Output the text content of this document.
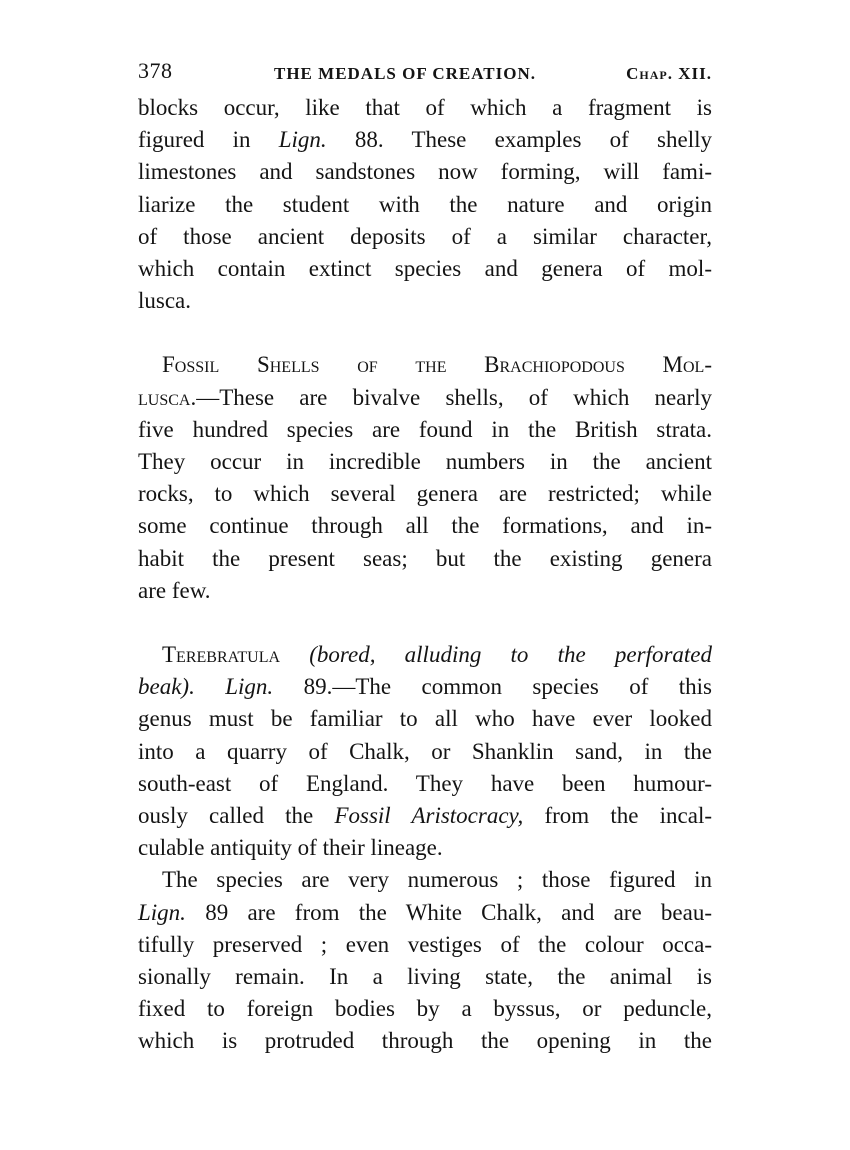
378	THE MEDALS OF CREATION.	Chap. XII.

blocks occur, like that of which a fragment is
figured in Lign. 88. These examples of shelly
limestones and sandstones now forming, will fami-
liarize the student with the nature and origin
of those ancient deposits of a similar character,
which contain extinct species and genera of mol-
lusca.

Fossil Shells of the Brachiopodous Mol-
lusca.—These are bivalve shells, of which nearly
five hundred species are found in the British strata.
They occur in incredible numbers in the ancient
rocks, to which several genera are restricted; while
some continue through all the formations, and in-
habit the present seas; but the existing genera
are few.

Terebratula (bored, alluding to the perforated
beak). Lign. 89.—The common species of this
genus must be familiar to all who have ever looked
into a quarry of Chalk, or Shanklin sand, in the
south-east of England. They have been humour-
ously called the Fossil Aristocracy, from the incal-
culable antiquity of their lineage.

The species are very numerous ; those figured in
Lign. 89 are from the White Chalk, and are beau-
tifully preserved ; even vestiges of the colour occa-
sionally remain. In a living state, the animal is
fixed to foreign bodies by a byssus, or peduncle,
which is protruded through the opening in the
